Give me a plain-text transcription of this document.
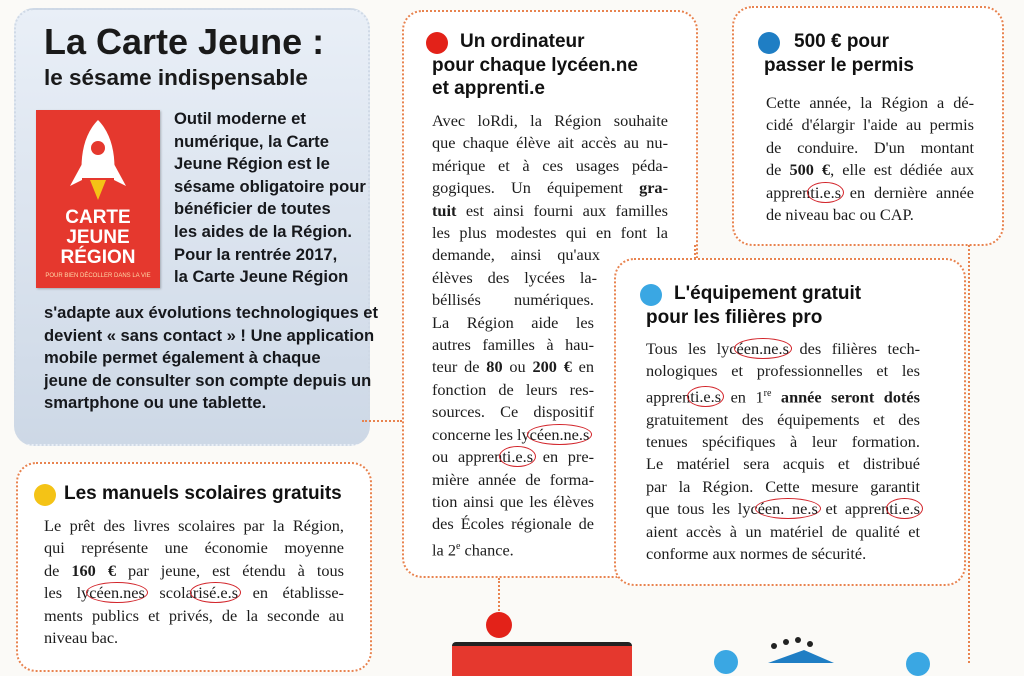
La Carte Jeune :
le sésame indispensable
CARTE
JEUNE
RÉGION
POUR BIEN DÉCOLLER DANS LA VIE
Outil moderne et
numérique, la Carte
Jeune Région est le
sésame obligatoire pour
bénéficier de toutes
les aides de la Région.
Pour la rentrée 2017,
la Carte Jeune Région
s'adapte aux évolutions technologiques et
devient « sans contact » ! Une application
mobile permet également à chaque
jeune de consulter son compte depuis un
smartphone ou une tablette.
Les manuels scolaires gratuits
Le prêt des livres scolaires par la Région,
qui représente une économie moyenne
de 160 € par jeune, est étendu à tous
les lycéen.nes scolarisé.e.s en établisse-
ments publics et privés, de la seconde au
niveau bac.
Un ordinateur
pour chaque lycéen.ne
et apprenti.e
Avec loRdi, la Région souhaite
que chaque élève ait accès au nu-
mérique et à ces usages péda-
gogiques. Un équipement gra-
tuit est ainsi fourni aux familles
les plus modestes qui en font la
demande, ainsi qu'aux
élèves des lycées la-
béllisés numériques.
La Région aide les
autres familles à hau-
teur de 80 ou 200 € en
fonction de leurs res-
sources. Ce dispositif
concerne les lycéen.ne.s
ou apprenti.e.s en pre-
mière année de forma-
tion ainsi que les élèves
des Écoles régionale de
la 2e chance.
500 € pour
passer le permis
Cette année, la Région a dé-
cidé d'élargir l'aide au permis
de conduire. D'un montant
de 500 €, elle est dédiée aux
apprenti.e.s en dernière année
de niveau bac ou CAP.
L'équipement gratuit
pour les filières pro
Tous les lycéen.ne.s des filières tech-
nologiques et professionnelles et les
apprenti.e.s en 1re année seront dotés
gratuitement des équipements et des
tenues spécifiques à leur formation.
Le matériel sera acquis et distribué
par la Région. Cette mesure garantit
que tous les lycéen. ne.s et apprenti.e.s
aient accès à un matériel de qualité et
conforme aux normes de sécurité.
